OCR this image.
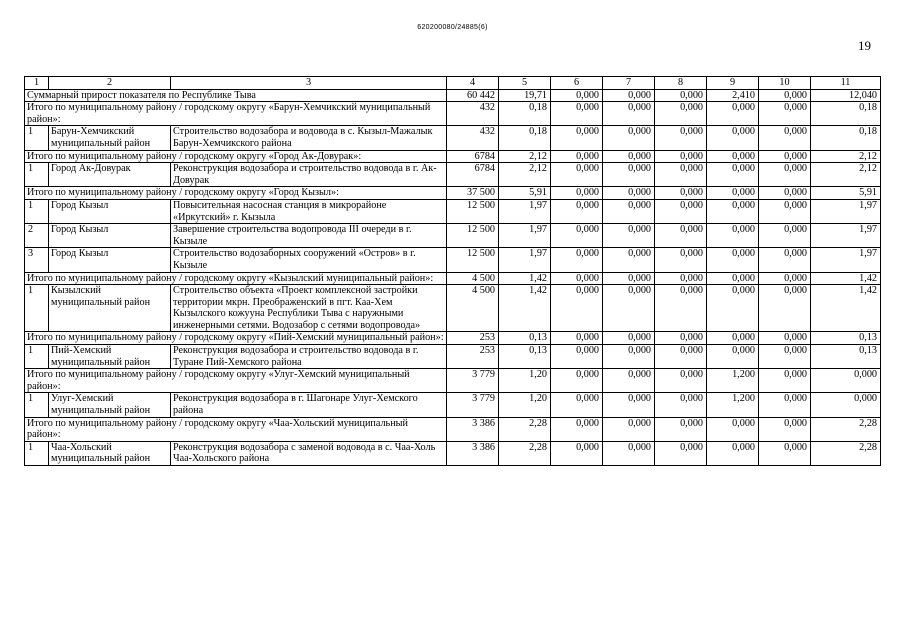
620200080/24885(6)
19
1	2	3	4	5	6	7	8	9	10	11
Суммарный прирост показателя по Республике Тыва			60 442	19,71	0,000	0,000	0,000	2,410	0,000	12,040
Итого по муниципальному району / городскому округу «Барун-Хемчикский муниципальный район»:			432	0,18	0,000	0,000	0,000	0,000	0,000	0,18
1	Барун-Хемчикский муниципальный район	Строительство водозабора и водовода в с. Кызыл-Мажалык Барун-Хемчикского района	432	0,18	0,000	0,000	0,000	0,000	0,000	0,18
Итого по муниципальному району / городскому округу «Город Ак-Довурак»:			6784	2,12	0,000	0,000	0,000	0,000	0,000	2,12
1	Город Ак-Довурак	Реконструкция водозабора и строительство водовода в г. Ак-Довурак	6784	2,12	0,000	0,000	0,000	0,000	0,000	2,12
Итого по муниципальному району / городскому округу «Город Кызыл»:			37 500	5,91	0,000	0,000	0,000	0,000	0,000	5,91
1	Город Кызыл	Повысительная насосная станция в микрорайоне «Иркутский» г. Кызыла	12 500	1,97	0,000	0,000	0,000	0,000	0,000	1,97
2	Город Кызыл	Завершение строительства водопровода III очереди в г. Кызыле	12 500	1,97	0,000	0,000	0,000	0,000	0,000	1,97
3	Город Кызыл	Строительство водозаборных сооружений «Остров» в г. Кызыле	12 500	1,97	0,000	0,000	0,000	0,000	0,000	1,97
Итого по муниципальному району / городскому округу «Кызылский муниципальный район»:			4 500	1,42	0,000	0,000	0,000	0,000	0,000	1,42
1	Кызылский муниципальный район	Строительство объекта «Проект комплексной застройки территории мкрн. Преображенский в пгт. Каа-Хем Кызылского кожууна Республики Тыва с наружными инженерными сетями. Водозабор с сетями водопровода»	4 500	1,42	0,000	0,000	0,000	0,000	0,000	1,42
Итого по муниципальному району / городскому округу «Пий-Хемский муниципальный район»:			253	0,13	0,000	0,000	0,000	0,000	0,000	0,13
1	Пий-Хемский муниципальный район	Реконструкция водозабора и строительство водовода в г. Туране Пий-Хемского района	253	0,13	0,000	0,000	0,000	0,000	0,000	0,13
Итого по муниципальному району / городскому округу «Улуг-Хемский муниципальный район»:			3 779	1,20	0,000	0,000	0,000	1,200	0,000	0,000
1	Улуг-Хемский муниципальный район	Реконструкция водозабора в г. Шагонаре Улуг-Хемского района	3 779	1,20	0,000	0,000	0,000	1,200	0,000	0,000
Итого по муниципальному району / городскому округу «Чаа-Хольский муниципальный район»:			3 386	2,28	0,000	0,000	0,000	0,000	0,000	2,28
1	Чаа-Хольский муниципальный район	Реконструкция водозабора с заменой водовода в с. Чаа-Холь Чаа-Хольского района	3 386	2,28	0,000	0,000	0,000	0,000	0,000	2,28
